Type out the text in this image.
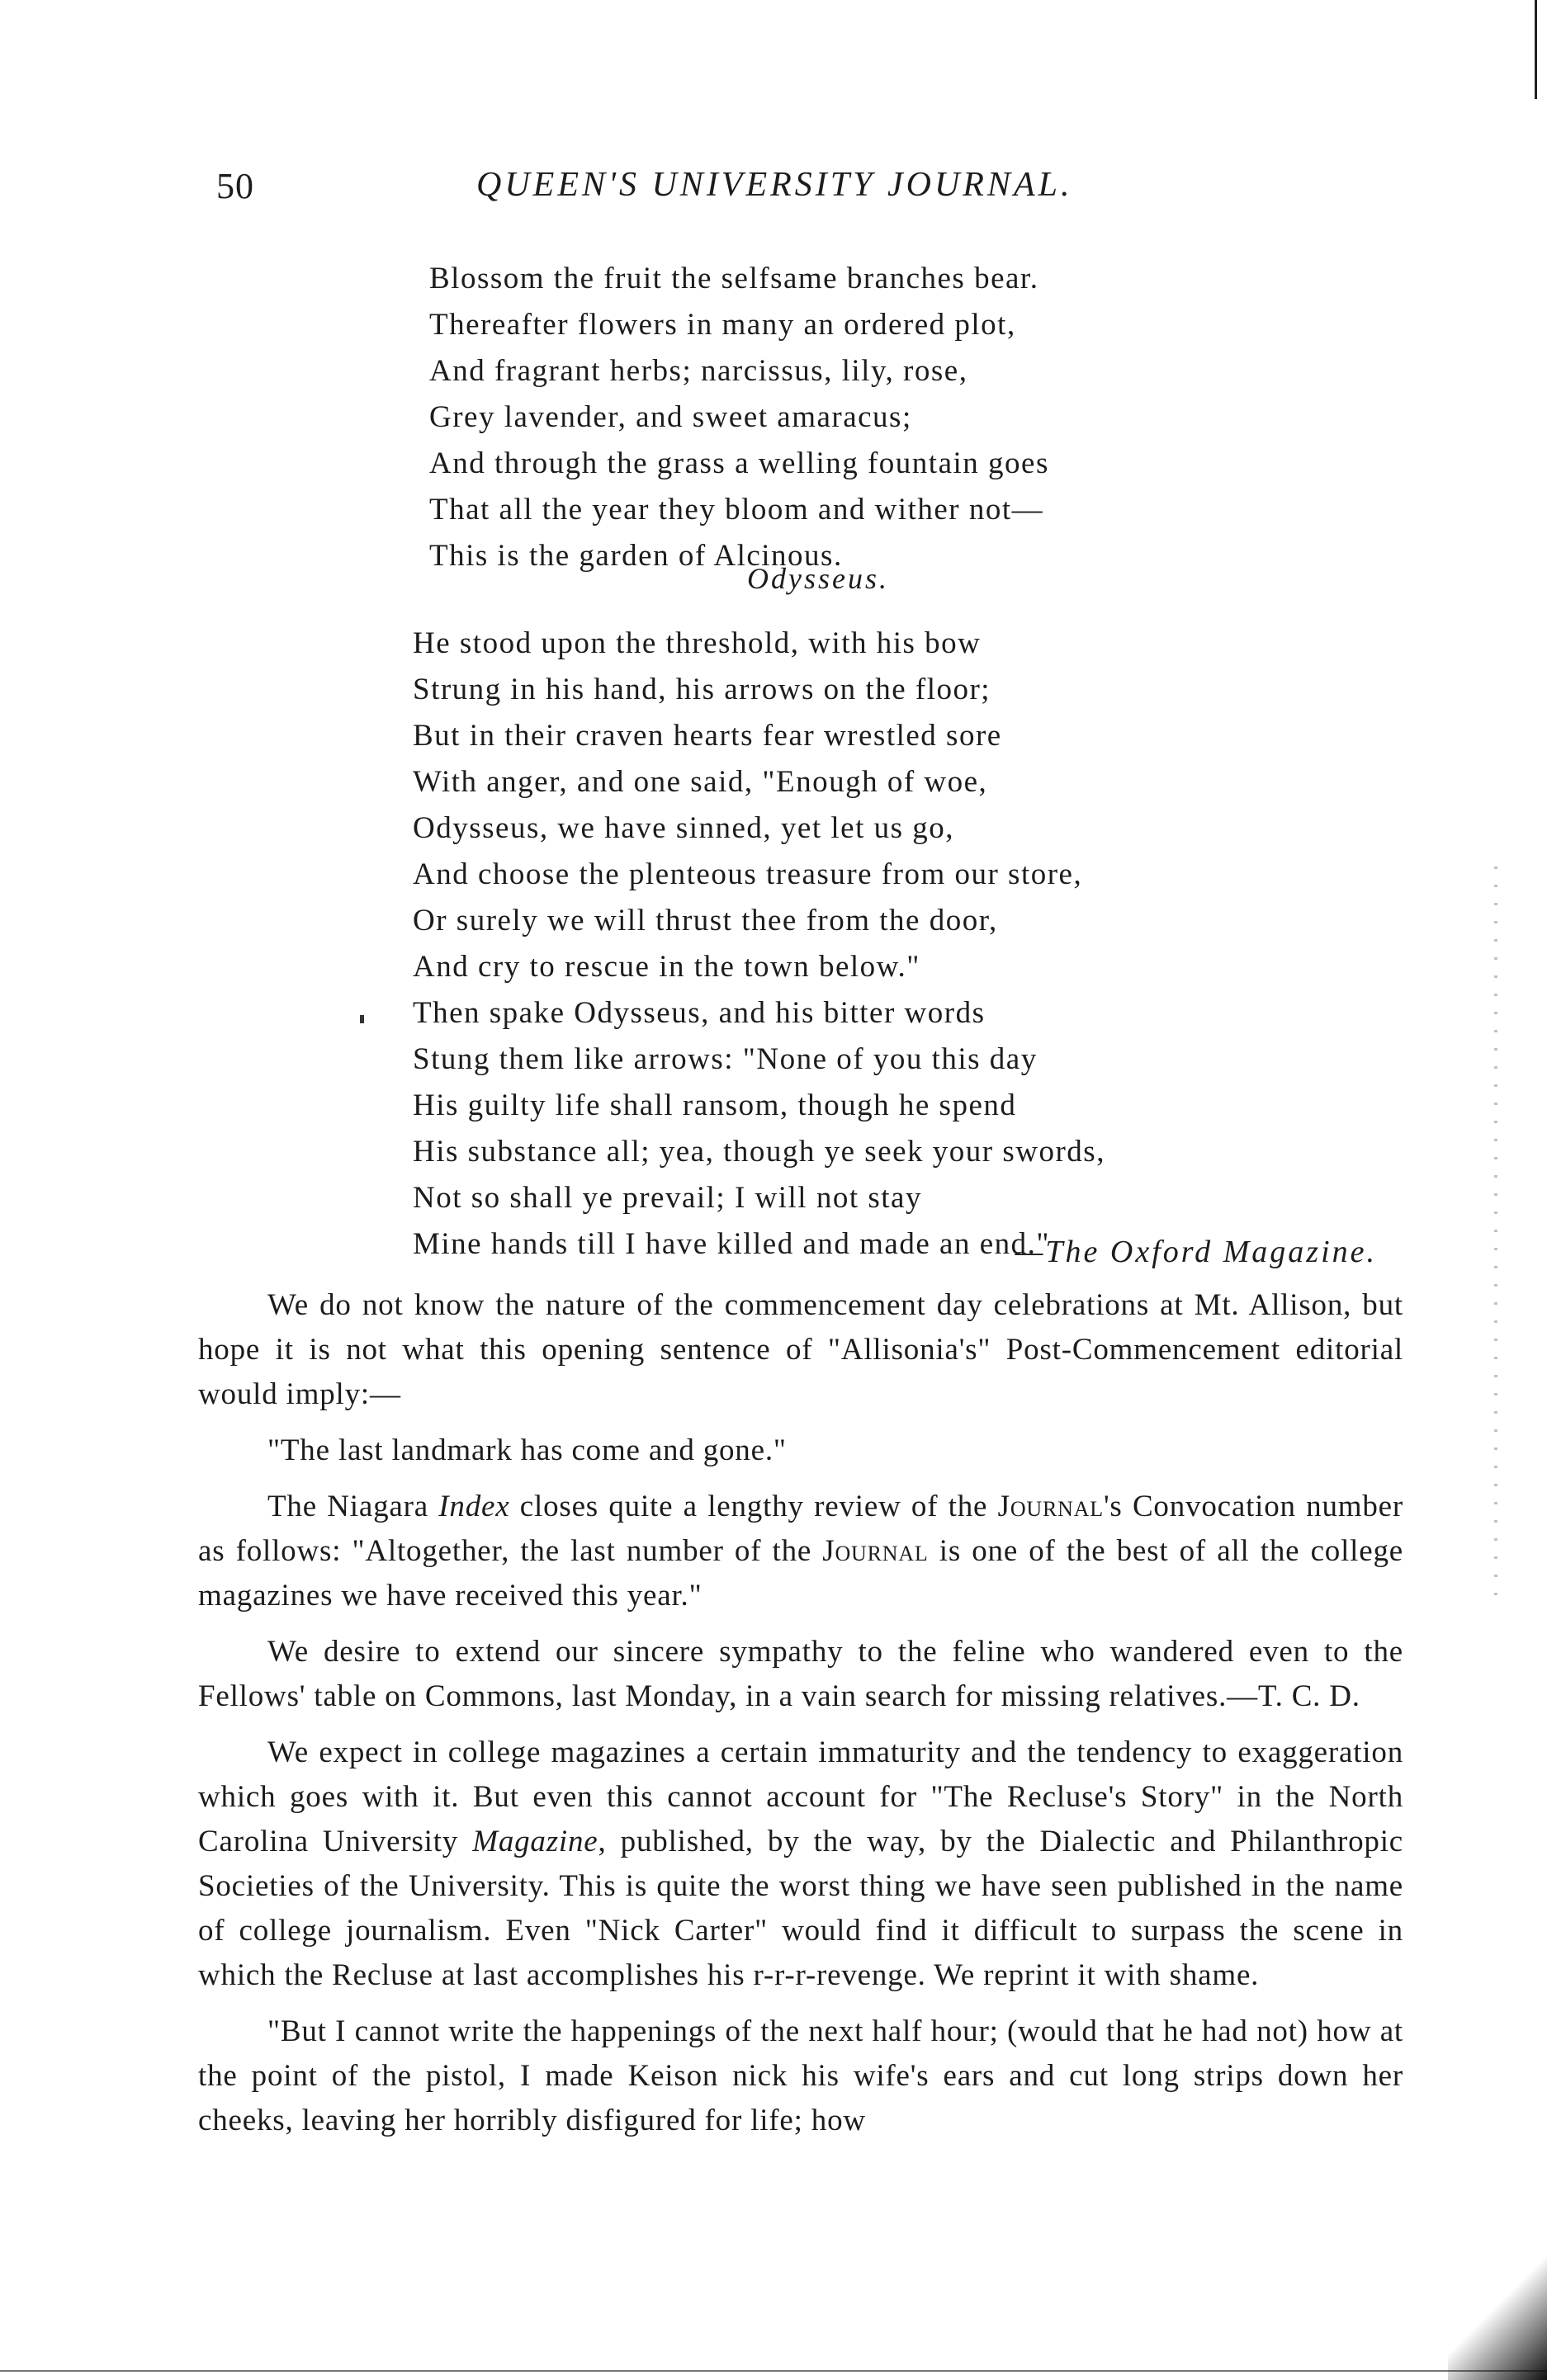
50	QUEEN'S UNIVERSITY JOURNAL.
Blossom the fruit the selfsame branches bear.
Thereafter flowers in many an ordered plot,
And fragrant herbs; narcissus, lily, rose,
Grey lavender, and sweet amaracus;
And through the grass a welling fountain goes
That all the year they bloom and wither not—
This is the garden of Alcinous.
Odysseus.
He stood upon the threshold, with his bow
Strung in his hand, his arrows on the floor;
But in their craven hearts fear wrestled sore
With anger, and one said, "Enough of woe,
Odysseus, we have sinned, yet let us go,
And choose the plenteous treasure from our store,
Or surely we will thrust thee from the door,
And cry to rescue in the town below."
Then spake Odysseus, and his bitter words
Stung them like arrows: "None of you this day
His guilty life shall ransom, though he spend
His substance all; yea, though ye seek your swords,
Not so shall ye prevail; I will not stay
Mine hands till I have killed and made an end."
—The Oxford Magazine.

We do not know the nature of the commencement day celebrations at Mt. Allison, but hope it is not what this opening sentence of "Allisonia's" Post-Commencement editorial would imply:—

"The last landmark has come and gone."

The Niagara Index closes quite a lengthy review of the Journal's Convocation number as follows: "Altogether, the last number of the Journal is one of the best of all the college magazines we have received this year."

We desire to extend our sincere sympathy to the feline who wandered even to the Fellows' table on Commons, last Monday, in a vain search for missing relatives.—T. C. D.

We expect in college magazines a certain immaturity and the tendency to exaggeration which goes with it. But even this cannot account for "The Recluse's Story" in the North Carolina University Magazine, published, by the way, by the Dialectic and Philanthropic Societies of the University. This is quite the worst thing we have seen published in the name of college journalism. Even "Nick Carter" would find it difficult to surpass the scene in which the Recluse at last accomplishes his r-r-r-revenge. We reprint it with shame.

"But I cannot write the happenings of the next half hour; (would that he had not) how at the point of the pistol, I made Keison nick his wife's ears and cut long strips down her cheeks, leaving her horribly disfigured for life; how
